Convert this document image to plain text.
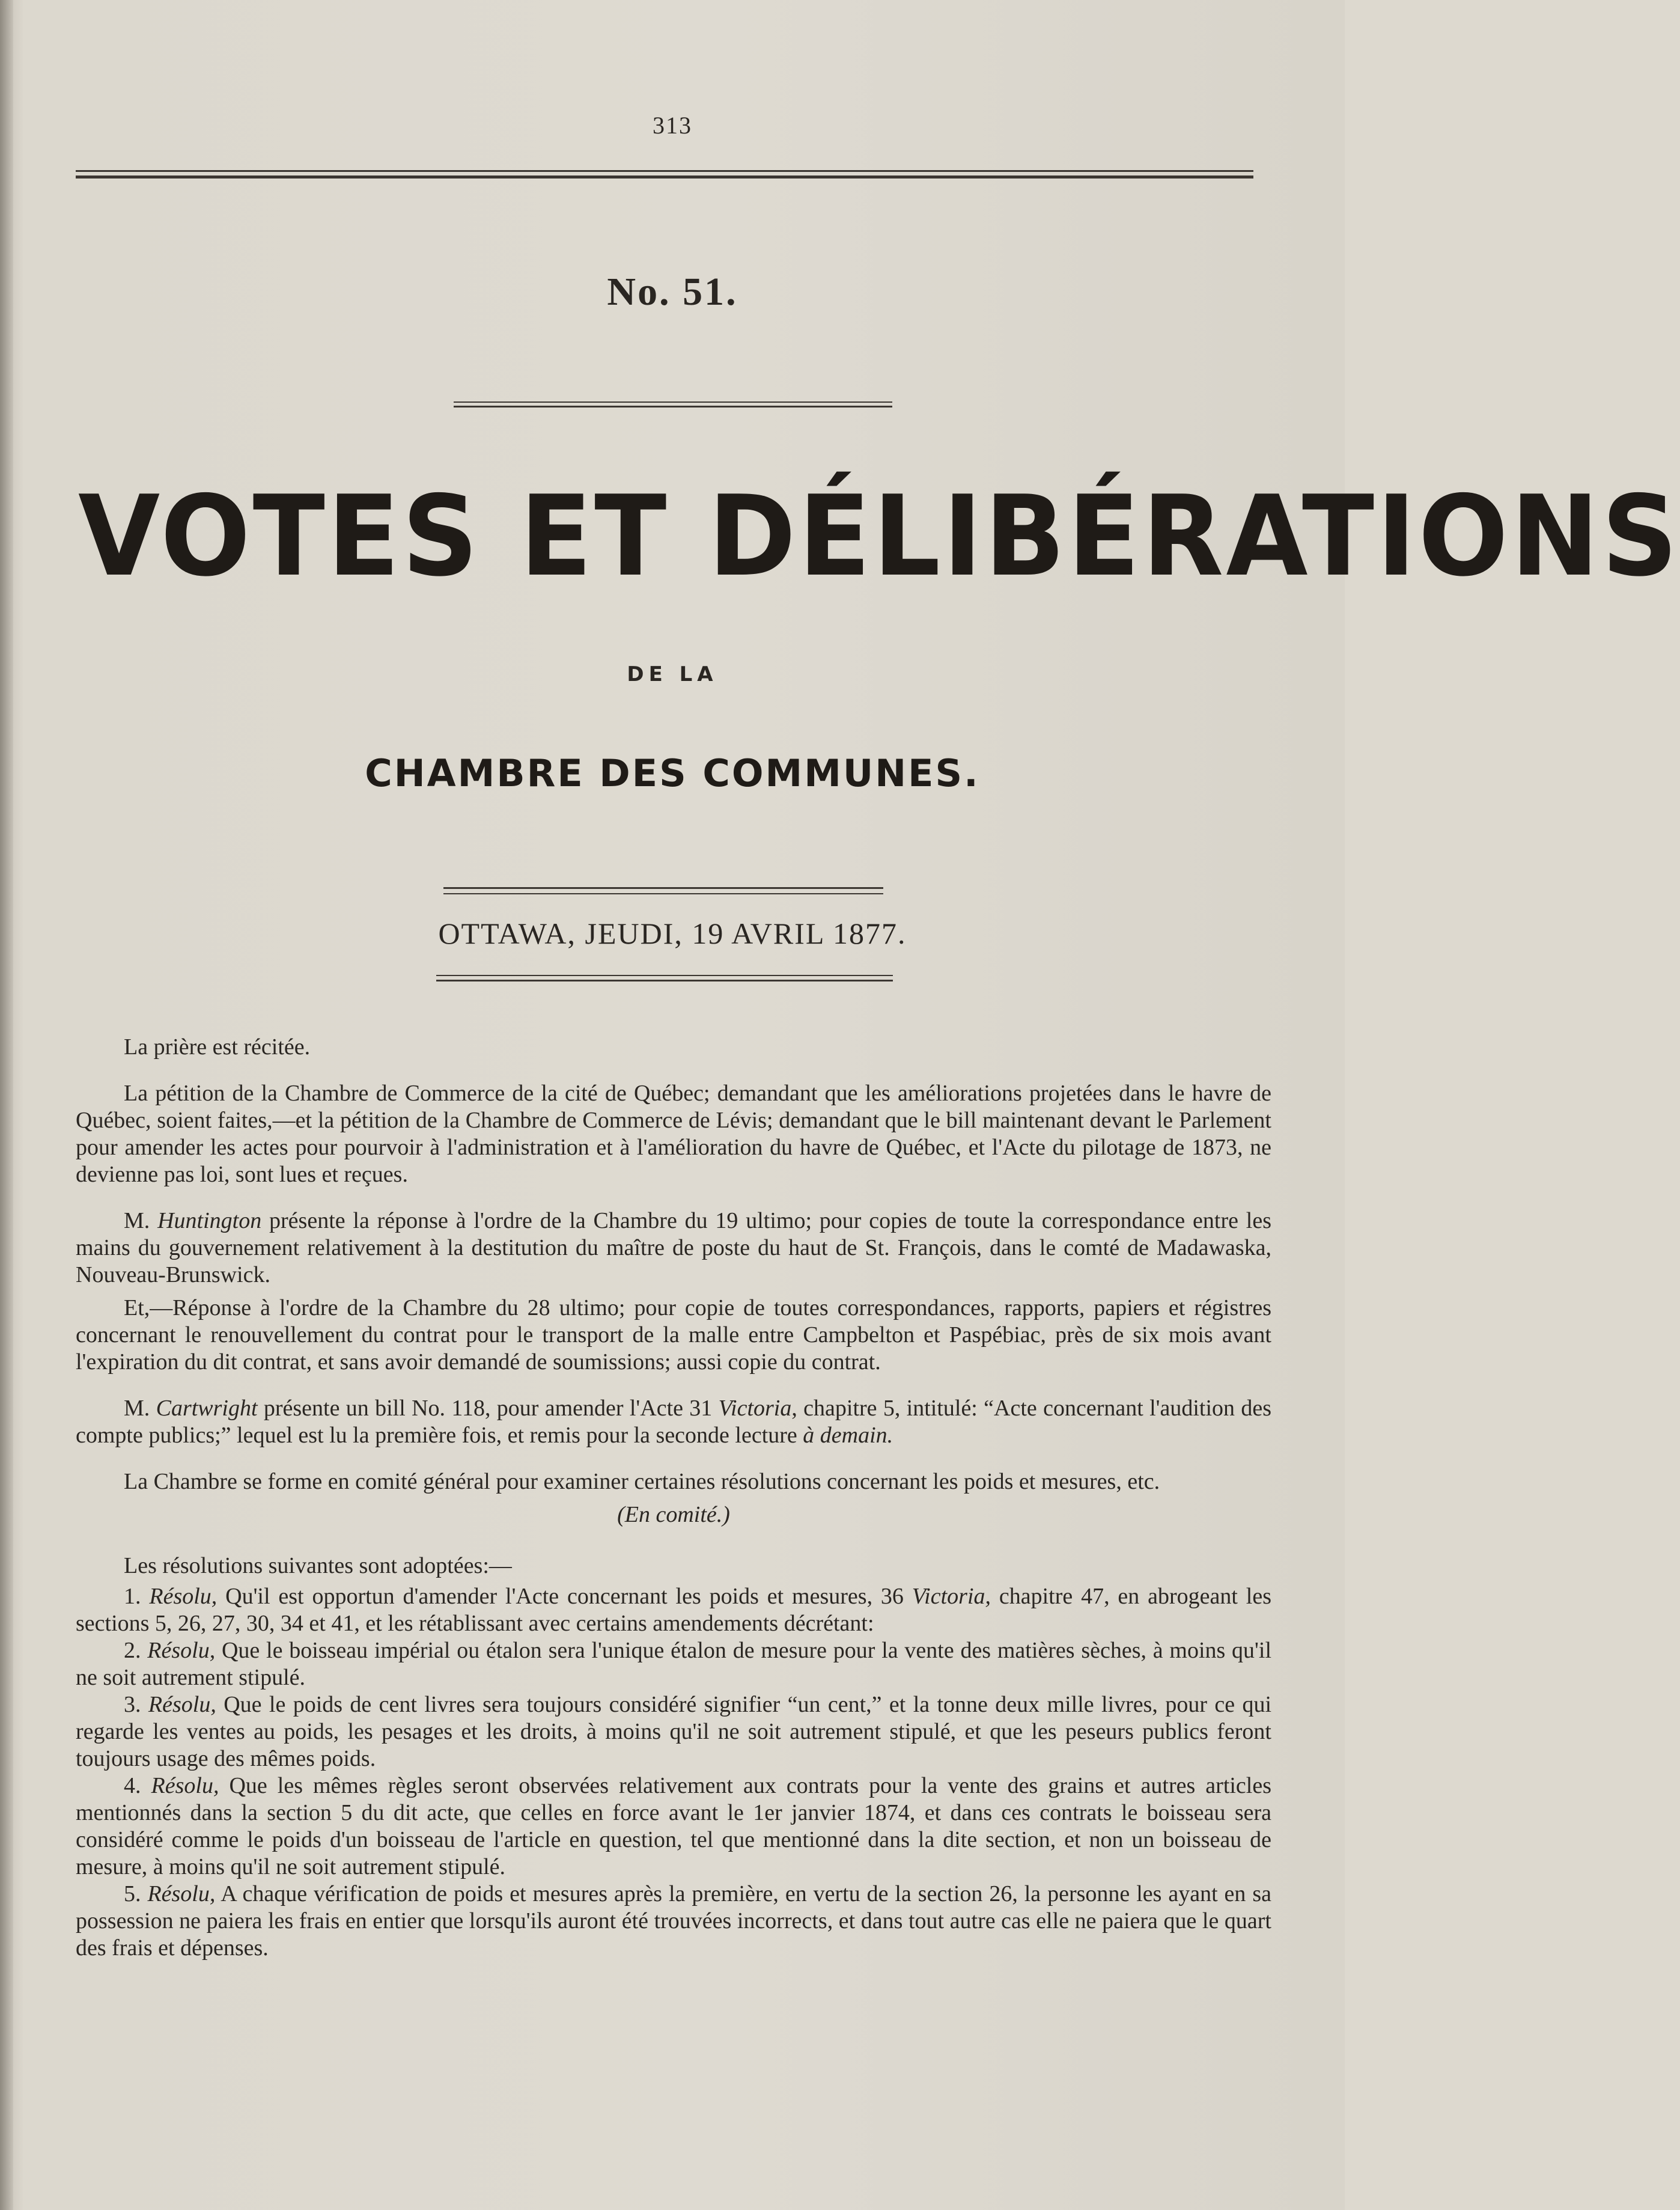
313
No. 51.
VOTES ET DÉLIBÉRATIONS
DE LA
CHAMBRE DES COMMUNES.
OTTAWA, JEUDI, 19 AVRIL 1877.

La prière est récitée.

La pétition de la Chambre de Commerce de la cité de Québec; demandant que les améliorations projetées dans le havre de Québec, soient faites,—et la pétition de la Chambre de Commerce de Lévis; demandant que le bill maintenant devant le Parlement pour amender les actes pour pourvoir à l'administration et à l'amélioration du havre de Québec, et l'Acte du pilotage de 1873, ne devienne pas loi, sont lues et reçues.

M. Huntington présente la réponse à l'ordre de la Chambre du 19 ultimo; pour copies de toute la correspondance entre les mains du gouvernement relativement à la destitution du maître de poste du haut de St. François, dans le comté de Madawaska, Nouveau-Brunswick.

Et,—Réponse à l'ordre de la Chambre du 28 ultimo; pour copie de toutes correspondances, rapports, papiers et régistres concernant le renouvellement du contrat pour le transport de la malle entre Campbelton et Paspébiac, près de six mois avant l'expiration du dit contrat, et sans avoir demandé de soumissions; aussi copie du contrat.

M. Cartwright présente un bill No. 118, pour amender l'Acte 31 Victoria, chapitre 5, intitulé: “Acte concernant l'audition des compte publics;” lequel est lu la première fois, et remis pour la seconde lecture à demain.

La Chambre se forme en comité général pour examiner certaines résolutions concernant les poids et mesures, etc.

(En comité.)

Les résolutions suivantes sont adoptées:—

1. Résolu, Qu'il est opportun d'amender l'Acte concernant les poids et mesures, 36 Victoria, chapitre 47, en abrogeant les sections 5, 26, 27, 30, 34 et 41, et les rétablissant avec certains amendements décrétant:

2. Résolu, Que le boisseau impérial ou étalon sera l'unique étalon de mesure pour la vente des matières sèches, à moins qu'il ne soit autrement stipulé.

3. Résolu, Que le poids de cent livres sera toujours considéré signifier “un cent,” et la tonne deux mille livres, pour ce qui regarde les ventes au poids, les pesages et les droits, à moins qu'il ne soit autrement stipulé, et que les peseurs publics feront toujours usage des mêmes poids.

4. Résolu, Que les mêmes règles seront observées relativement aux contrats pour la vente des grains et autres articles mentionnés dans la section 5 du dit acte, que celles en force avant le 1er janvier 1874, et dans ces contrats le boisseau sera considéré comme le poids d'un boisseau de l'article en question, tel que mentionné dans la dite section, et non un boisseau de mesure, à moins qu'il ne soit autrement stipulé.

5. Résolu, A chaque vérification de poids et mesures après la première, en vertu de la section 26, la personne les ayant en sa possession ne paiera les frais en entier que lorsqu'ils auront été trouvées incorrects, et dans tout autre cas elle ne paiera que le quart des frais et dépenses.
